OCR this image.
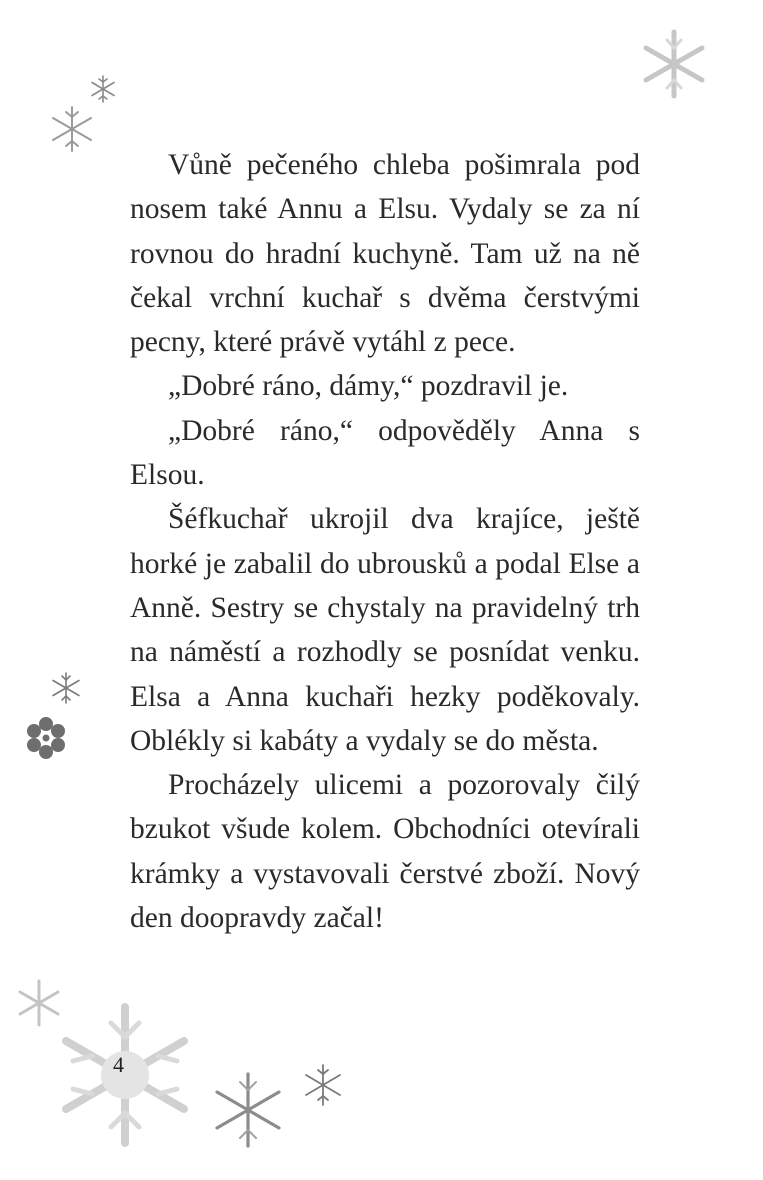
Vůně pečeného chleba pošimrala pod nosem také Annu a Elsu. Vydaly se za ní rovnou do hradní kuchyně. Tam už na ně čekal vrchní kuchař s dvěma čerstvými pecny, které právě vytáhl z pece.

„Dobré ráno, dámy,“ pozdravil je.

„Dobré ráno,“ odpověděly Anna s Elsou.

Šéfkuchař ukrojil dva krajíce, ještě horké je zabalil do ubrousků a podal Else a Anně. Sestry se chystaly na pravidelný trh na náměstí a rozhodly se posnídat venku. Elsa a Anna kuchaři hezky poděkovaly. Oblékly si kabáty a vydaly se do města.

Procházely ulicemi a pozorovaly čilý bzukot všude kolem. Obchodníci otevírali krámky a vystavovali čerstvé zboží. Nový den doopravdy začal!

4
